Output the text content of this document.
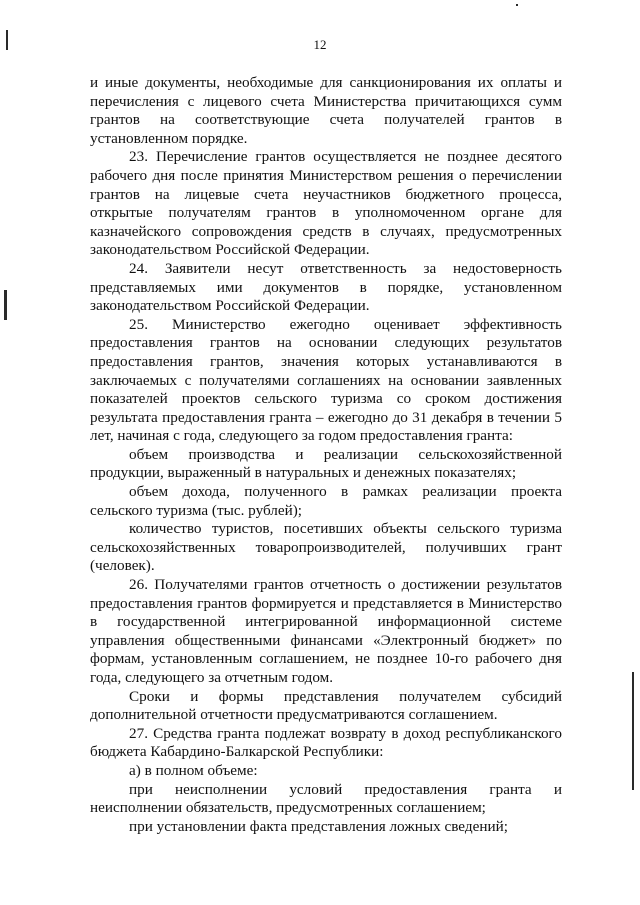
12

и иные документы, необходимые для санкционирования их оплаты и перечисления с лицевого счета Министерства причитающихся сумм грантов на соответствующие счета получателей грантов в установленном порядке.

23. Перечисление грантов осуществляется не позднее десятого рабочего дня после принятия Министерством решения о перечислении грантов на лицевые счета неучастников бюджетного процесса, открытые получателям грантов в уполномоченном органе для казначейского сопровождения средств в случаях, предусмотренных законодательством Российской Федерации.

24. Заявители несут ответственность за недостоверность представляемых ими документов в порядке, установленном законодательством Российской Федерации.

25. Министерство ежегодно оценивает эффективность предоставления грантов на основании следующих результатов предоставления грантов, значения которых устанавливаются в заключаемых с получателями соглашениях на основании заявленных показателей проектов сельского туризма со сроком достижения результата предоставления гранта – ежегодно до 31 декабря в течении 5 лет, начиная с года, следующего за годом предоставления гранта:

объем производства и реализации сельскохозяйственной продукции, выраженный в натуральных и денежных показателях;

объем дохода, полученного в рамках реализации проекта сельского туризма (тыс. рублей);

количество туристов, посетивших объекты сельского туризма сельскохозяйственных товаропроизводителей, получивших грант (человек).

26. Получателями грантов отчетность о достижении результатов предоставления грантов формируется и представляется в Министерство в государственной интегрированной информационной системе управления общественными финансами «Электронный бюджет» по формам, установленным соглашением, не позднее 10-го рабочего дня года, следующего за отчетным годом.

Сроки и формы представления получателем субсидий дополнительной отчетности предусматриваются соглашением.

27. Средства гранта подлежат возврату в доход республиканского бюджета Кабардино-Балкарской Республики:

а) в полном объеме:

при неисполнении условий предоставления гранта и неисполнении обязательств, предусмотренных соглашением;

при установлении факта представления ложных сведений;
